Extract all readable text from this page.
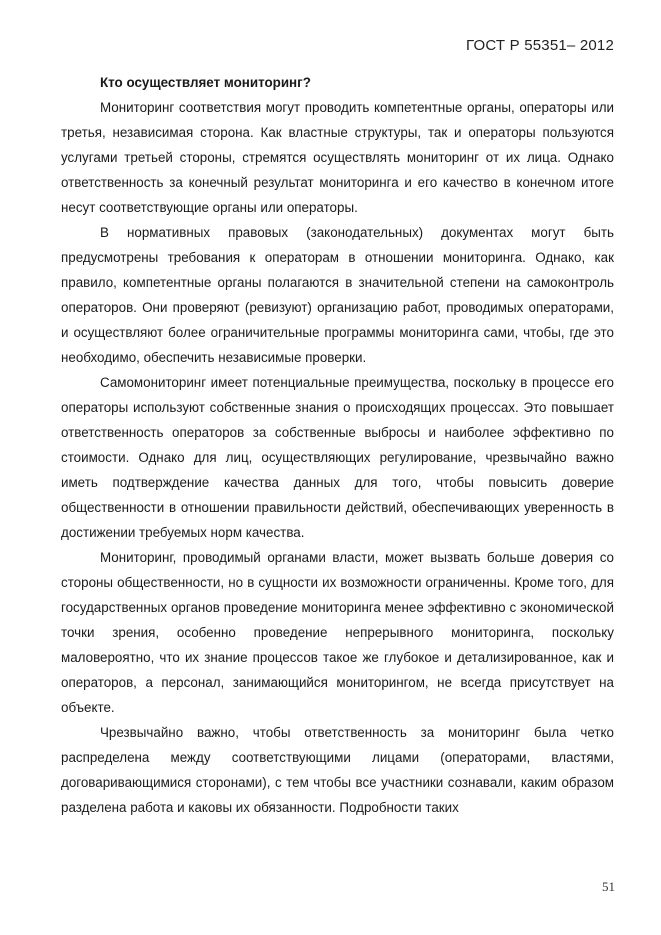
ГОСТ Р 55351– 2012

Кто осуществляет мониторинг?

Мониторинг соответствия могут проводить компетентные органы, операторы или третья, независимая сторона. Как властные структуры, так и операторы пользуются услугами третьей стороны, стремятся осуществлять мониторинг от их лица. Однако ответственность за конечный результат мониторинга и его качество в конечном итоге несут соответствующие органы или операторы.

В нормативных правовых (законодательных) документах могут быть предусмотрены требования к операторам в отношении мониторинга. Однако, как правило, компетентные органы полагаются в значительной степени на самоконтроль операторов. Они проверяют (ревизуют) организацию работ, проводимых операторами, и осуществляют более ограничительные программы мониторинга сами, чтобы, где это необходимо, обеспечить независимые проверки.

Самомониторинг имеет потенциальные преимущества, поскольку в процессе его операторы используют собственные знания о происходящих процессах. Это повышает ответственность операторов за собственные выбросы и наиболее эффективно по стоимости. Однако для лиц, осуществляющих регулирование, чрезвычайно важно иметь подтверждение качества данных для того, чтобы повысить доверие общественности в отношении правильности действий, обеспечивающих уверенность в достижении требуемых норм качества.

Мониторинг, проводимый органами власти, может вызвать больше доверия со стороны общественности, но в сущности их возможности ограниченны. Кроме того, для государственных органов проведение мониторинга менее эффективно с экономической точки зрения, особенно проведение непрерывного мониторинга, поскольку маловероятно, что их знание процессов такое же глубокое и детализированное, как и операторов, а персонал, занимающийся мониторингом, не всегда присутствует на объекте.

Чрезвычайно важно, чтобы ответственность за мониторинг была четко распределена между соответствующими лицами (операторами, властями, договаривающимися сторонами), с тем чтобы все участники сознавали, каким образом разделена работа и каковы их обязанности. Подробности таких

51
